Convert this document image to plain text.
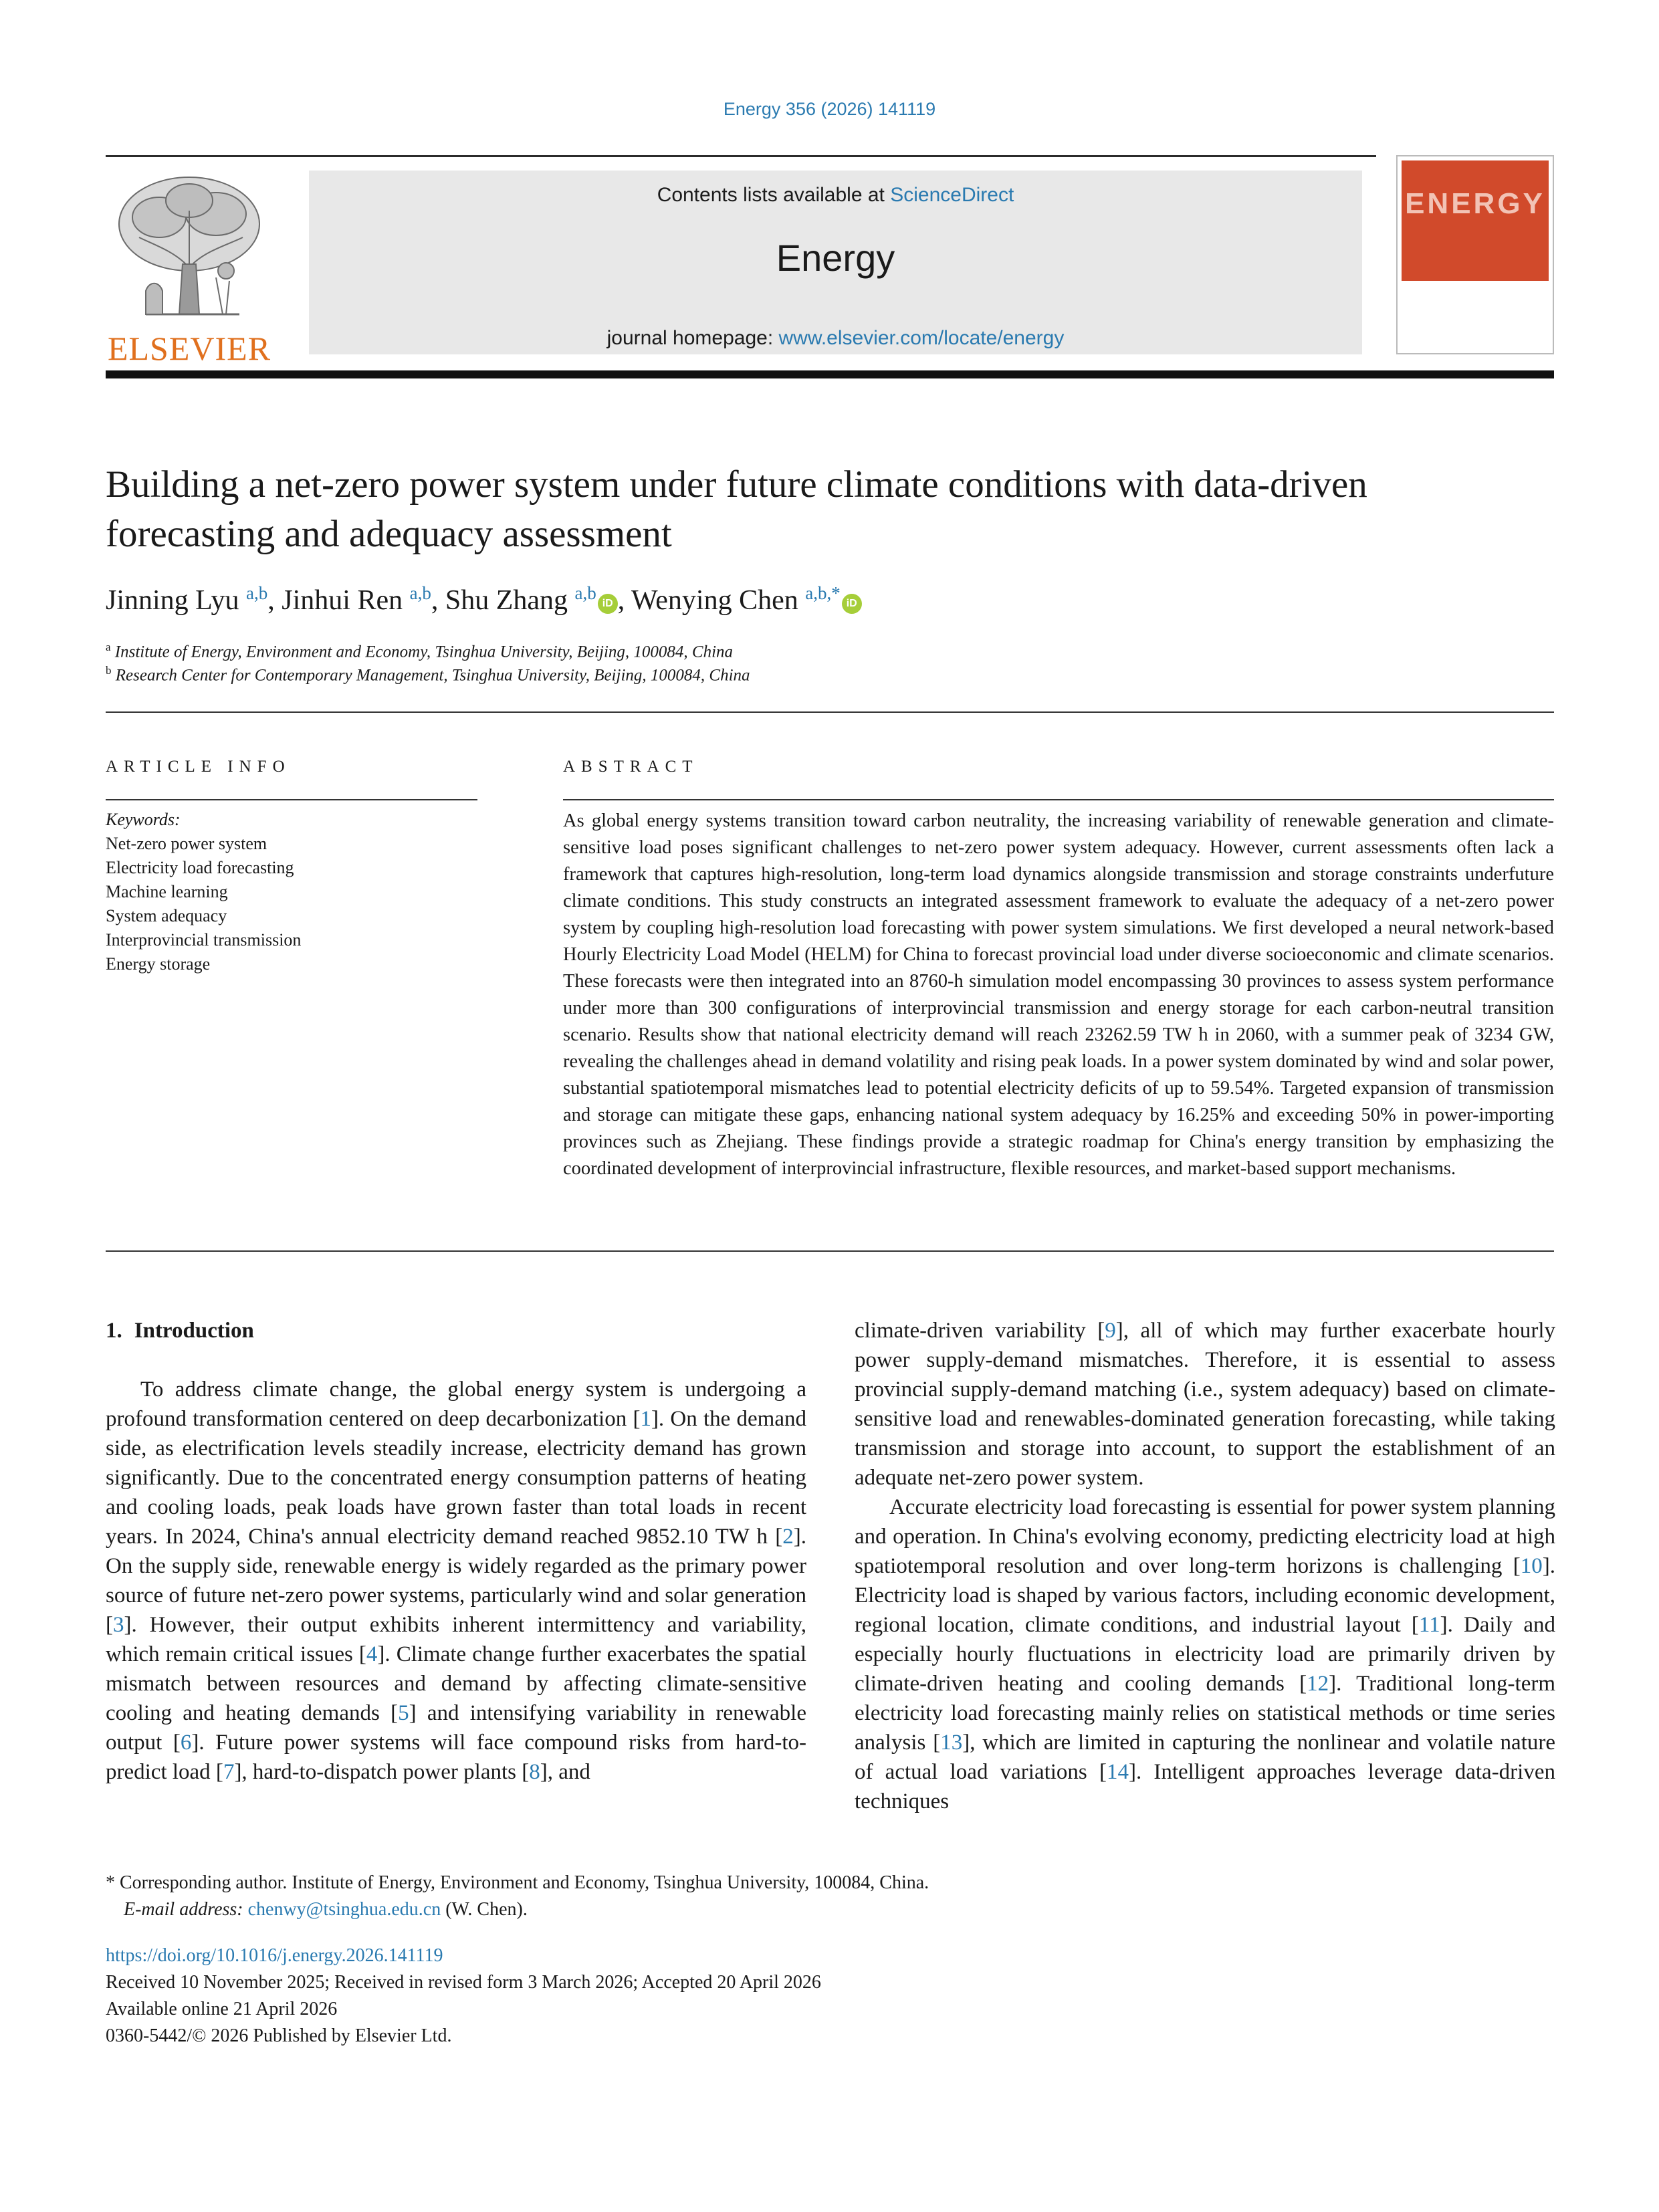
Energy 356 (2026) 141119
ELSEVIER
Contents lists available at ScienceDirect
Energy
journal homepage: www.elsevier.com/locate/energy
ENERGY
Building a net-zero power system under future climate conditions with data-driven forecasting and adequacy assessment
Jinning Lyu $^{a,b}$, Jinhui Ren $^{a,b}$, Shu Zhang $^{a,b}$iD , Wenying Chen $^{a,b,*}$iD
$^a$ Institute of Energy, Environment and Economy, Tsinghua University, Beijing, 100084, China
$^b$ Research Center for Contemporary Management, Tsinghua University, Beijing, 100084, China
ARTICLE INFO
Keywords:
Net-zero power system
Electricity load forecasting
Machine learning
System adequacy
Interprovincial transmission
Energy storage
ABSTRACT

As global energy systems transition toward carbon neutrality, the increasing variability of renewable generation and climate-sensitive load poses significant challenges to net-zero power system adequacy. However, current assessments often lack a framework that captures high-resolution, long-term load dynamics alongside transmission and storage constraints underfuture climate conditions. This study constructs an integrated assessment framework to evaluate the adequacy of a net-zero power system by coupling high-resolution load forecasting with power system simulations. We first developed a neural network-based Hourly Electricity Load Model (HELM) for China to forecast provincial load under diverse socioeconomic and climate scenarios. These forecasts were then integrated into an 8760-h simulation model encompassing 30 provinces to assess system performance under more than 300 configurations of interprovincial transmission and energy storage for each carbon-neutral transition scenario. Results show that national electricity demand will reach 23262.59 TW h in 2060, with a summer peak of 3234 GW, revealing the challenges ahead in demand volatility and rising peak loads. In a power system dominated by wind and solar power, substantial spatiotemporal mismatches lead to potential electricity deficits of up to 59.54%. Targeted expansion of transmission and storage can mitigate these gaps, enhancing national system adequacy by 16.25% and exceeding 50% in power-importing provinces such as Zhejiang. These findings provide a strategic roadmap for China's energy transition by emphasizing the coordinated development of interprovincial infrastructure, flexible resources, and market-based support mechanisms.

1. Introduction

To address climate change, the global energy system is undergoing a profound transformation centered on deep decarbonization [1]. On the demand side, as electrification levels steadily increase, electricity demand has grown significantly. Due to the concentrated energy consumption patterns of heating and cooling loads, peak loads have grown faster than total loads in recent years. In 2024, China's annual electricity demand reached 9852.10 TW h [2]. On the supply side, renewable energy is widely regarded as the primary power source of future net-zero power systems, particularly wind and solar generation [3]. However, their output exhibits inherent intermittency and variability, which remain critical issues [4]. Climate change further exacerbates the spatial mismatch between resources and demand by affecting climate-sensitive cooling and heating demands [5] and intensifying variability in renewable output [6]. Future power systems will face compound risks from hard-to-predict load [7], hard-to-dispatch power plants [8], and

climate-driven variability [9], all of which may further exacerbate hourly power supply-demand mismatches. Therefore, it is essential to assess provincial supply-demand matching (i.e., system adequacy) based on climate-sensitive load and renewables-dominated generation forecasting, while taking transmission and storage into account, to support the establishment of an adequate net-zero power system.

Accurate electricity load forecasting is essential for power system planning and operation. In China's evolving economy, predicting electricity load at high spatiotemporal resolution and over long-term horizons is challenging [10]. Electricity load is shaped by various factors, including economic development, regional location, climate conditions, and industrial layout [11]. Daily and especially hourly fluctuations in electricity load are primarily driven by climate-driven heating and cooling demands [12]. Traditional long-term electricity load forecasting mainly relies on statistical methods or time series analysis [13], which are limited in capturing the nonlinear and volatile nature of actual load variations [14]. Intelligent approaches leverage data-driven techniques

* Corresponding author. Institute of Energy, Environment and Economy, Tsinghua University, 100084, China.
E-mail address: chenwy@tsinghua.edu.cn (W. Chen).
https://doi.org/10.1016/j.energy.2026.141119
Received 10 November 2025; Received in revised form 3 March 2026; Accepted 20 April 2026
Available online 21 April 2026
0360-5442/© 2026 Published by Elsevier Ltd.
